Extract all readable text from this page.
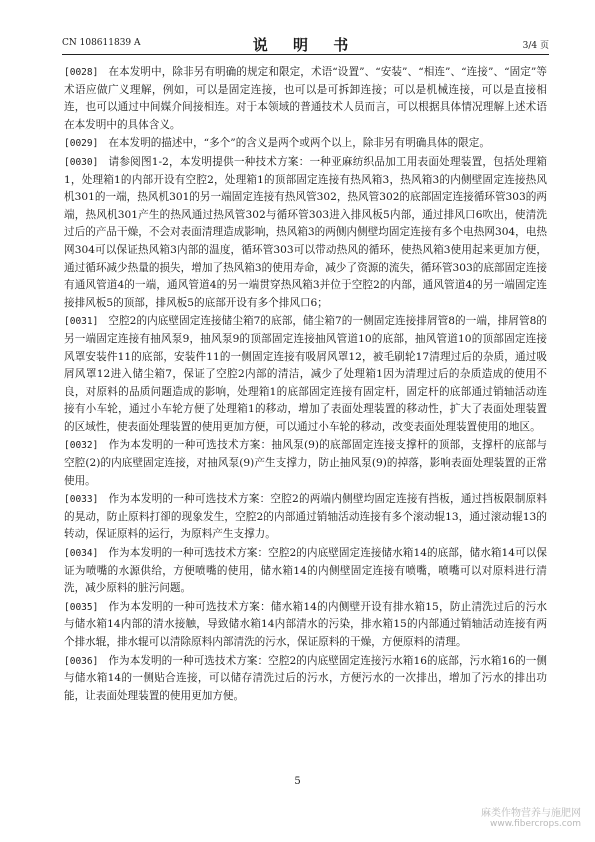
CN 108611839 A	说 明 书	3/4 页

[0028] 在本发明中，除非另有明确的规定和限定，术语“设置”、“安装”、“相连”、“连接”、“固定”等术语应做广义理解，例如，可以是固定连接，也可以是可拆卸连接；可以是机械连接，可以是直接相连，也可以通过中间媒介间接相连。对于本领域的普通技术人员而言，可以根据具体情况理解上述术语在本发明中的具体含义。

[0029] 在本发明的描述中，“多个”的含义是两个或两个以上，除非另有明确具体的限定。

[0030] 请参阅图1-2，本发明提供一种技术方案：一种亚麻纺织品加工用表面处理装置，包括处理箱1，处理箱1的内部开设有空腔2，处理箱1的顶部固定连接有热风箱3，热风箱3的内侧壁固定连接热风机301的一端，热风机301的另一端固定连接有热风管302，热风管302的底部固定连接循环管303的两端，热风机301产生的热风通过热风管302与循环管303进入排风板5内部，通过排风口6吹出，使清洗过后的产品干燥，不会对表面清理造成影响，热风箱3的两侧内侧壁均固定连接有多个电热网304，电热网304可以保证热风箱3内部的温度，循环管303可以带动热风的循环，使热风箱3使用起来更加方便，通过循环减少热量的损失，增加了热风箱3的使用寿命，减少了资源的流失，循环管303的底部固定连接有通风管道4的一端，通风管道4的另一端贯穿热风箱3并位于空腔2的内部，通风管道4的另一端固定连接排风板5的顶部，排风板5的底部开设有多个排风口6；

[0031] 空腔2的内底壁固定连接储尘箱7的底部，储尘箱7的一侧固定连接排屑管8的一端，排屑管8的另一端固定连接有抽风泵9，抽风泵9的顶部固定连接抽风管道10的底部，抽风管道10的顶部固定连接风罩安装件11的底部，安装件11的一侧固定连接有吸屑风罩12，被毛刷轮17清理过后的杂质，通过吸屑风罩12进入储尘箱7，保证了空腔2内部的清洁，减少了处理箱1因为清理过后的杂质造成的使用不良，对原料的品质问题造成的影响，处理箱1的底部固定连接有固定杆，固定杆的底部通过销轴活动连接有小车轮，通过小车轮方便了处理箱1的移动，增加了表面处理装置的移动性，扩大了表面处理装置的区域性，使表面处理装置的使用更加方便，可以通过小车轮的移动，改变表面处理装置使用的地区。

[0032] 作为本发明的一种可选技术方案：抽风泵(9)的底部固定连接支撑杆的顶部，支撑杆的底部与空腔(2)的内底壁固定连接，对抽风泵(9)产生支撑力，防止抽风泵(9)的掉落，影响表面处理装置的正常使用。

[0033] 作为本发明的一种可选技术方案：空腔2的两端内侧壁均固定连接有挡板，通过挡板限制原料的晃动，防止原料打卻的现象发生，空腔2的内部通过销轴活动连接有多个滚动辊13，通过滚动辊13的转动，保证原料的运行，为原料产生支撑力。

[0034] 作为本发明的一种可选技术方案：空腔2的内底壁固定连接储水箱14的底部，储水箱14可以保证为喷嘴的水源供给，方便喷嘴的使用，储水箱14的内侧壁固定连接有喷嘴，喷嘴可以对原料进行清洗，减少原料的脏污问题。

[0035] 作为本发明的一种可选技术方案：储水箱14的内侧壁开设有排水箱15，防止清洗过后的污水与储水箱14内部的清水接触，导致储水箱14内部清水的污染，排水箱15的内部通过销轴活动连接有两个排水辊，排水辊可以清除原料内部清洗的污水，保证原料的干燥，方便原料的清理。

[0036] 作为本发明的一种可选技术方案：空腔2的内底壁固定连接污水箱16的底部，污水箱16的一侧与储水箱14的一侧贴合连接，可以储存清洗过后的污水，方便污水的一次排出，增加了污水的排出功能，让表面处理装置的使用更加方便。

5
麻类作物营养与施肥网
www.fibercrops.com
